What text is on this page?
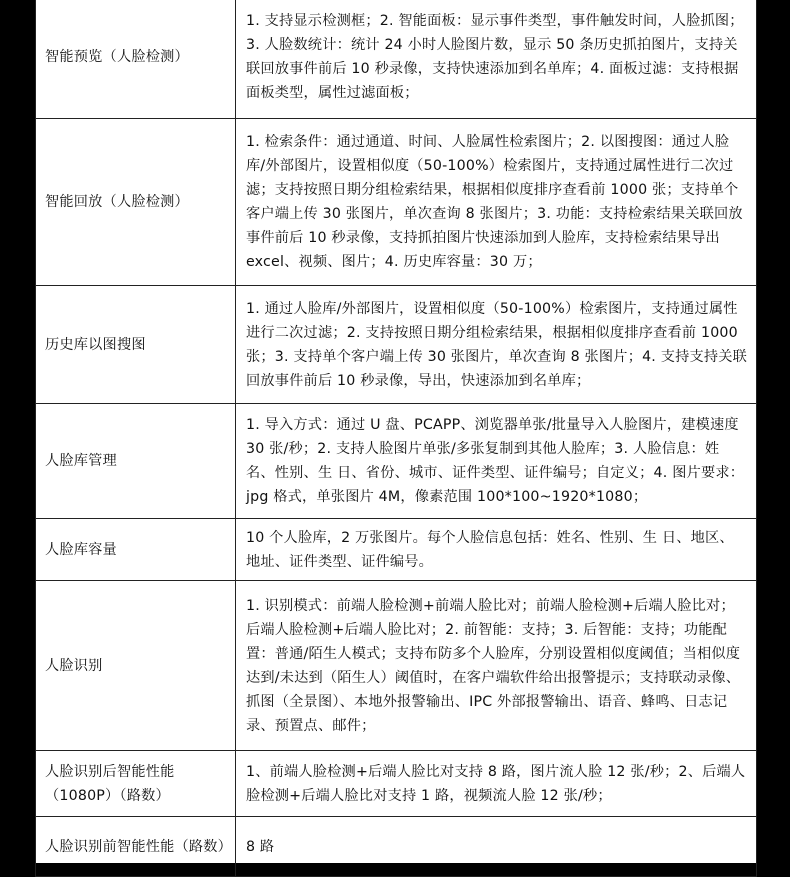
智能预览（人脸检测）	1. 支持显示检测框；2. 智能面板：显示事件类型，事件触发时间，人脸抓图；3. 人脸数统计：统计 24 小时人脸图片数，显示 50 条历史抓拍图片，支持关联回放事件前后 10 秒录像，支持快速添加到名单库；4. 面板过滤：支持根据面板类型，属性过滤面板；
智能回放（人脸检测）	1. 检索条件：通过通道、时间、人脸属性检索图片；2. 以图搜图：通过人脸库/外部图片，设置相似度（50-100%）检索图片，支持通过属性进行二次过滤；支持按照日期分组检索结果，根据相似度排序查看前 1000 张；支持单个客户端上传 30 张图片，单次查询 8 张图片；3. 功能：支持检索结果关联回放事件前后 10 秒录像，支持抓拍图片快速添加到人脸库，支持检索结果导出 excel、视频、图片；4. 历史库容量：30 万；
历史库以图搜图	1. 通过人脸库/外部图片，设置相似度（50-100%）检索图片，支持通过属性进行二次过滤；2. 支持按照日期分组检索结果，根据相似度排序查看前 1000 张；3. 支持单个客户端上传 30 张图片，单次查询 8 张图片；4. 支持支持关联回放事件前后 10 秒录像，导出，快速添加到名单库；
人脸库管理	1. 导入方式：通过 U 盘、PCAPP、浏览器单张/批量导入人脸图片，建模速度 30 张/秒；2. 支持人脸图片单张/多张复制到其他人脸库；3. 人脸信息：姓名、性别、生 日、省份、城市、证件类型、证件编号；自定义；4. 图片要求：jpg 格式，单张图片 4M，像素范围 100*100~1920*1080；
人脸库容量	10 个人脸库，2 万张图片。每个人脸信息包括：姓名、性别、生 日、地区、地址、证件类型、证件编号。
人脸识别	1. 识别模式：前端人脸检测+前端人脸比对；前端人脸检测+后端人脸比对；后端人脸检测+后端人脸比对；2. 前智能：支持；3. 后智能：支持；功能配置：普通/陌生人模式；支持布防多个人脸库，分别设置相似度阈值；当相似度达到/未达到（陌生人）阈值时，在客户端软件给出报警提示；支持联动录像、抓图（全景图）、本地外报警输出、IPC 外部报警输出、语音、蜂鸣、日志记录、预置点、邮件；
人脸识别后智能性能（1080P）（路数）	1、前端人脸检测+后端人脸比对支持 8 路，图片流人脸 12 张/秒；2、后端人脸检测+后端人脸比对支持 1 路，视频流人脸 12 张/秒；
人脸识别前智能性能（路数）	8 路
